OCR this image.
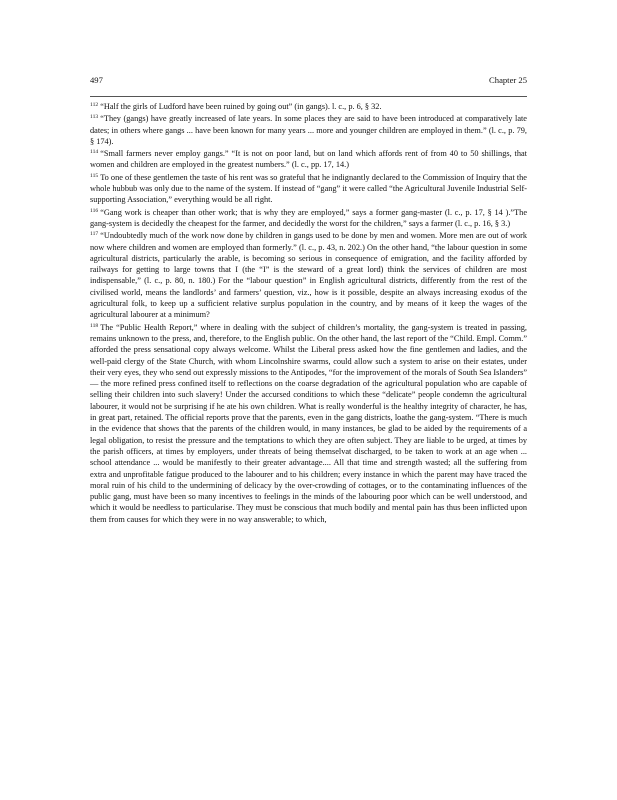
497	Chapter 25

$^{112}$ “Half the girls of Ludford have been ruined by going out” (in gangs). l. c., p. 6, § 32.

$^{113}$ “They (gangs) have greatly increased of late years. In some places they are said to have been introduced at comparatively late dates; in others where gangs ... have been known for many years ... more and younger children are employed in them.” (l. c., p. 79, § 174).

$^{114}$ “Small farmers never employ gangs.” “It is not on poor land, but on land which affords rent of from 40 to 50 shillings, that women and children are employed in the greatest numbers.” (l. c., pp. 17, 14.)

$^{115}$ To one of these gentlemen the taste of his rent was so grateful that he indignantly declared to the Commission of Inquiry that the whole hubbub was only due to the name of the system. If instead of “gang” it were called “the Agricultural Juvenile Industrial Self-supporting Association,” everything would be all right.

$^{116}$ “Gang work is cheaper than other work; that is why they are employed,” says a former gang-master (l. c., p. 17, § 14 ).”The gang-system is decidedly the cheapest for the farmer, and decidedly the worst for the children,” says a farmer (l. c., p. 16, § 3.)

$^{117}$ “Undoubtedly much of the work now done by children in gangs used to be done by men and women. More men are out of work now where children and women are employed than formerly.” (l. c., p. 43, n. 202.) On the other hand, “the labour question in some agricultural districts, particularly the arable, is becoming so serious in consequence of emigration, and the facility afforded by railways for getting to large towns that I (the “I” is the steward of a great lord) think the services of children are most indispensable,” (l. c., p. 80, n. 180.) For the “labour question” in English agricultural districts, differently from the rest of the civilised world, means the landlords’ and farmers’ question, viz., how is it possible, despite an always increasing exodus of the agricultural folk, to keep up a sufficient relative surplus population in the country, and by means of it keep the wages of the agricultural labourer at a minimum?

$^{118}$ The “Public Health Report,” where in dealing with the subject of children’s mortality, the gang-system is treated in passing, remains unknown to the press, and, therefore, to the English public. On the other hand, the last report of the “Child. Empl. Comm.” afforded the press sensational copy always welcome. Whilst the Liberal press asked how the fine gentlemen and ladies, and the well-paid clergy of the State Church, with whom Lincolnshire swarms, could allow such a system to arise on their estates, under their very eyes, they who send out expressly missions to the Antipodes, “for the improvement of the morals of South Sea Islanders” — the more refined press confined itself to reflections on the coarse degradation of the agricultural population who are capable of selling their children into such slavery! Under the accursed conditions to which these “delicate” people condemn the agricultural labourer, it would not be surprising if he ate his own children. What is really wonderful is the healthy integrity of character, he has, in great part, retained. The official reports prove that the parents, even in the gang districts, loathe the gang-system. “There is much in the evidence that shows that the parents of the children would, in many instances, be glad to be aided by the requirements of a legal obligation, to resist the pressure and the temptations to which they are often subject. They are liable to be urged, at times by the parish officers, at times by employers, under threats of being themselvat discharged, to be taken to work at an age when ... school attendance ... would be manifestly to their greater advantage.... All that time and strength wasted; all the suffering from extra and unprofitable fatigue produced to the labourer and to his children; every instance in which the parent may have traced the moral ruin of his child to the undermining of delicacy by the over-crowding of cottages, or to the contaminating influences of the public gang, must have been so many incentives to feelings in the minds of the labouring poor which can be well understood, and which it would be needless to particularise. They must be conscious that much bodily and mental pain has thus been inflicted upon them from causes for which they were in no way answerable; to which,
